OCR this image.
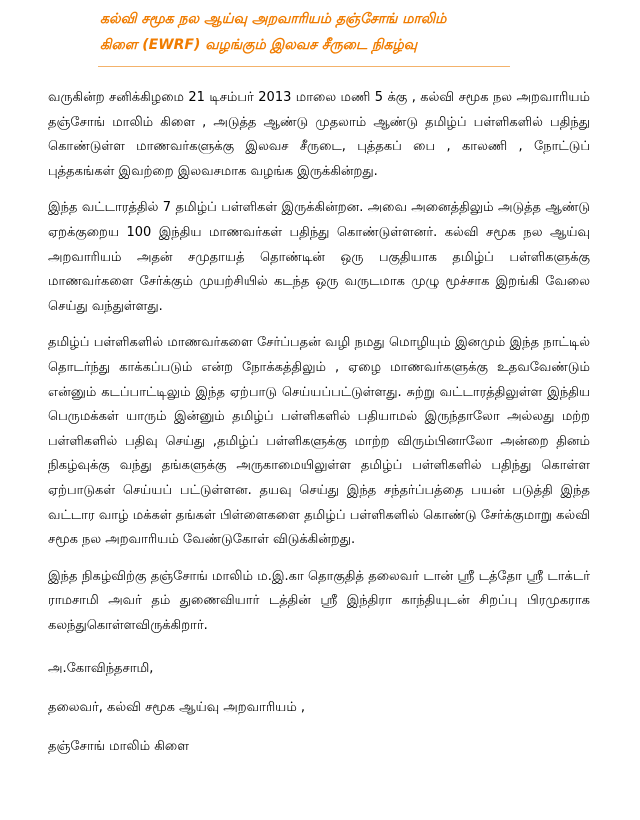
கல்வி சமூக நல ஆய்வு அறவாரியம் தஞ்சோங் மாலிம்
கிளை (EWRF) வழங்கும் இலவச சீருடை நிகழ்வு

வருகின்ற சனிக்கிழமை 21 டிசம்பர் 2013 மாலை மணி 5 க்கு , கல்வி சமூக நல அறவாரியம் தஞ்சோங் மாலிம் கிளை , அடுத்த ஆண்டு முதலாம் ஆண்டு தமிழ்ப் பள்ளிகளில் பதிந்து கொண்டுள்ள மாணவர்களுக்கு இலவச சீருடை, புத்தகப் பை , காலணி , நோட்டுப் புத்தகங்கள் இவற்றை இலவசமாக வழங்க இருக்கின்றது.

இந்த வட்டாரத்தில் 7 தமிழ்ப் பள்ளிகள் இருக்கின்றன. அவை அனைத்திலும் அடுத்த ஆண்டு ஏறக்குறைய 100 இந்திய மாணவர்கள் பதிந்து கொண்டுள்ளனர். கல்வி சமூக நல ஆய்வு அறவாரியம் அதன் சமுதாயத் தொண்டின் ஒரு பகுதியாக தமிழ்ப் பள்ளிகளுக்கு மாணவர்களை சேர்க்கும் முயற்சியில் கடந்த ஒரு வருடமாக முழு மூச்சாக இறங்கி வேலை செய்து வந்துள்ளது.

தமிழ்ப் பள்ளிகளில் மாணவர்களை சேர்ப்பதன் வழி நமது மொழியும் இனமும் இந்த நாட்டில் தொடர்ந்து காக்கப்படும் என்ற நோக்கத்திலும் , ஏழை மாணவர்களுக்கு உதவவேண்டும் என்னும் கடப்பாட்டிலும் இந்த ஏற்பாடு செய்யப்பட்டுள்ளது. சுற்று வட்டாரத்திலுள்ள இந்திய பெருமக்கள் யாரும் இன்னும் தமிழ்ப் பள்ளிகளில் பதியாமல் இருந்தாலோ அல்லது மற்ற பள்ளிகளில் பதிவு செய்து ,தமிழ்ப் பள்ளிகளுக்கு மாற்ற விரும்பினாலோ அன்றை தினம் நிகழ்வுக்கு வந்து தங்களுக்கு அருகாமையிலுள்ள தமிழ்ப் பள்ளிகளில் பதிந்து கொள்ள ஏற்பாடுகள் செய்யப் பட்டுள்ளன. தயவு செய்து இந்த சந்தர்ப்பத்தை பயன் படுத்தி இந்த வட்டார வாழ் மக்கள் தங்கள் பிள்ளைகளை தமிழ்ப் பள்ளிகளில் கொண்டு சேர்க்குமாறு கல்வி சமூக நல அறவாரியம் வேண்டுகோள் விடுக்கின்றது.

இந்த நிகழ்விற்கு தஞ்சோங் மாலிம் ம.இ.கா தொகுதித் தலைவர் டான் ஸ்ரீ டத்தோ ஸ்ரீ டாக்டர் ராமசாமி அவர் தம் துணைவியார் டத்தின் ஸ்ரீ இந்திரா காந்தியுடன் சிறப்பு பிரமுகராக கலந்துகொள்ளவிருக்கிறார்.

அ.கோவிந்தசாமி,

தலைவர், கல்வி சமூக ஆய்வு அறவாரியம் ,

தஞ்சோங் மாலிம் கிளை
